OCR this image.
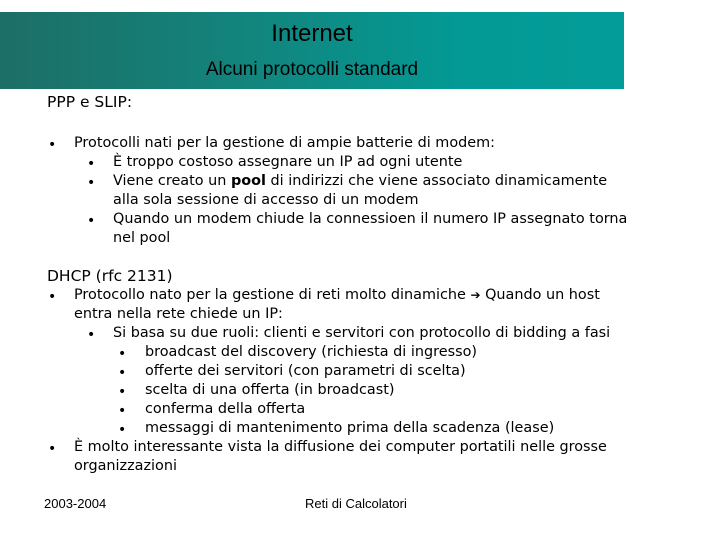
Internet
Alcuni protocolli standard
PPP e SLIP:
• Protocolli nati per la gestione di ampie batterie di modem:
• È troppo costoso assegnare un IP ad ogni utente
• Viene creato un pool di indirizzi che viene associato dinamicamente
alla sola sessione di accesso di un modem
• Quando un modem chiude la connessioen il numero IP assegnato torna
nel pool
DHCP (rfc 2131)
• Protocollo nato per la gestione di reti molto dinamiche ➔ Quando un host
entra nella rete chiede un IP:
• Si basa su due ruoli: clienti e servitori con protocollo di bidding a fasi
• broadcast del discovery (richiesta di ingresso)
• offerte dei servitori (con parametri di scelta)
• scelta di una offerta (in broadcast)
• conferma della offerta
• messaggi di mantenimento prima della scadenza (lease)
• È molto interessante vista la diffusione dei computer portatili nelle grosse
organizzazioni
2003-2004	Reti di Calcolatori
